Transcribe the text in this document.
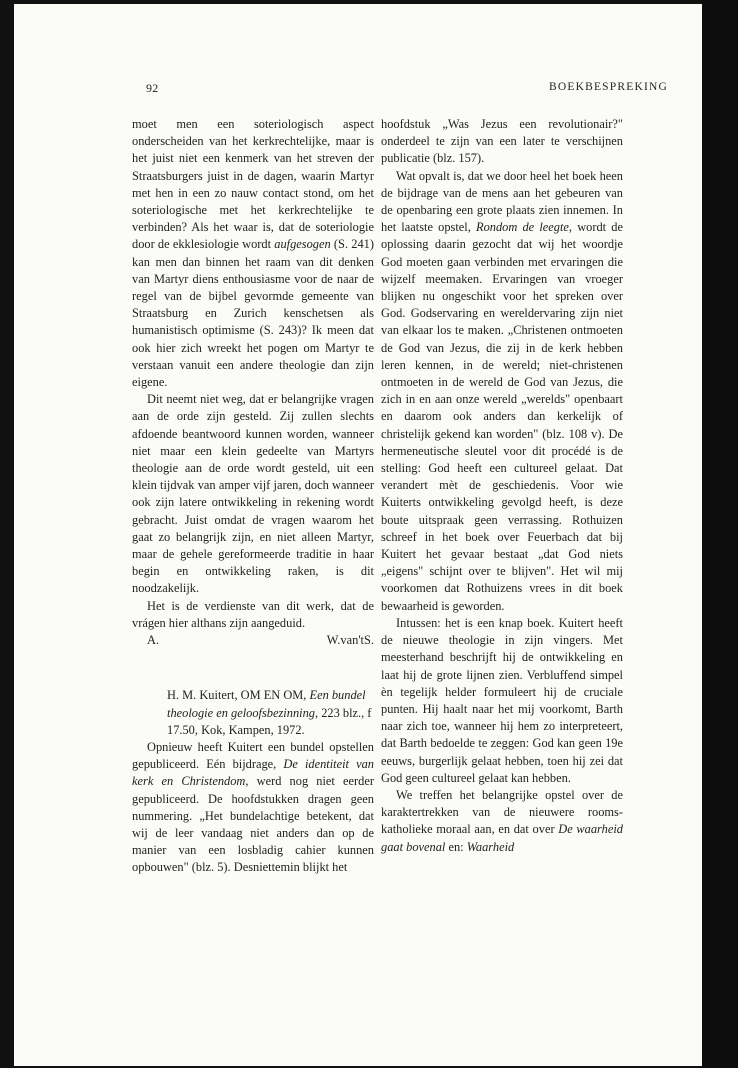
92	BOEKBESPREKING

moet men een soteriologisch aspect onderscheiden van het kerkrechtelijke, maar is het juist niet een kenmerk van het streven der Straatsburgers juist in de dagen, waarin Martyr met hen in een zo nauw contact stond, om het soteriologische met het kerkrechtelijke te verbinden? Als het waar is, dat de soteriologie door de ekklesiologie wordt aufgesogen (S. 241) kan men dan binnen het raam van dit denken van Martyr diens enthousiasme voor de naar de regel van de bijbel gevormde gemeente van Straatsburg en Zurich kenschetsen als humanistisch optimisme (S. 243)? Ik meen dat ook hier zich wreekt het pogen om Martyr te verstaan vanuit een andere theologie dan zijn eigene.

Dit neemt niet weg, dat er belangrijke vragen aan de orde zijn gesteld. Zij zullen slechts afdoende beantwoord kunnen worden, wanneer niet maar een klein gedeelte van Martyrs theologie aan de orde wordt gesteld, uit een klein tijdvak van amper vijf jaren, doch wanneer ook zijn latere ontwikkeling in rekening wordt gebracht. Juist omdat de vragen waarom het gaat zo belangrijk zijn, en niet alleen Martyr, maar de gehele gereformeerde traditie in haar begin en ontwikkeling raken, is dit noodzakelijk.

Het is de verdienste van dit werk, dat de vrágen hier althans zijn aangeduid.

A.	W.van'tS.

H. M. Kuitert, OM EN OM, Een bundel theologie en geloofsbezinning, 223 blz., f 17.50, Kok, Kampen, 1972.

Opnieuw heeft Kuitert een bundel opstellen gepubliceerd. Eén bijdrage, De identiteit van kerk en Christendom, werd nog niet eerder gepubliceerd. De hoofdstukken dragen geen nummering. „Het bundelachtige betekent, dat wij de leer vandaag niet anders dan op de manier van een losbladig cahier kunnen opbouwen" (blz. 5). Desniettemin blijkt het

hoofdstuk „Was Jezus een revolutionair?" onderdeel te zijn van een later te verschijnen publicatie (blz. 157).

Wat opvalt is, dat we door heel het boek heen de bijdrage van de mens aan het gebeuren van de openbaring een grote plaats zien innemen. In het laatste opstel, Rondom de leegte, wordt de oplossing daarin gezocht dat wij het woordje God moeten gaan verbinden met ervaringen die wijzelf meemaken. Ervaringen van vroeger blijken nu ongeschikt voor het spreken over God. Godservaring en wereldervaring zijn niet van elkaar los te maken. „Christenen ontmoeten de God van Jezus, die zij in de kerk hebben leren kennen, in de wereld; niet-christenen ontmoeten in de wereld de God van Jezus, die zich in en aan onze wereld „werelds" openbaart en daarom ook anders dan kerkelijk of christelijk gekend kan worden" (blz. 108 v). De hermeneutische sleutel voor dit procédé is de stelling: God heeft een cultureel gelaat. Dat verandert mèt de geschiedenis. Voor wie Kuiterts ontwikkeling gevolgd heeft, is deze boute uitspraak geen verrassing. Rothuizen schreef in het boek over Feuerbach dat bij Kuitert het gevaar bestaat „dat God niets „eigens" schijnt over te blijven". Het wil mij voorkomen dat Rothuizens vrees in dit boek bewaarheid is geworden.

Intussen: het is een knap boek. Kuitert heeft de nieuwe theologie in zijn vingers. Met meesterhand beschrijft hij de ontwikkeling en laat hij de grote lijnen zien. Verbluffend simpel èn tegelijk helder formuleert hij de cruciale punten. Hij haalt naar het mij voorkomt, Barth naar zich toe, wanneer hij hem zo interpreteert, dat Barth bedoelde te zeggen: God kan geen 19e eeuws, burgerlijk gelaat hebben, toen hij zei dat God geen cultureel gelaat kan hebben.

We treffen het belangrijke opstel over de karaktertrekken van de nieuwere rooms-katholieke moraal aan, en dat over De waarheid gaat bovenal en: Waarheid
